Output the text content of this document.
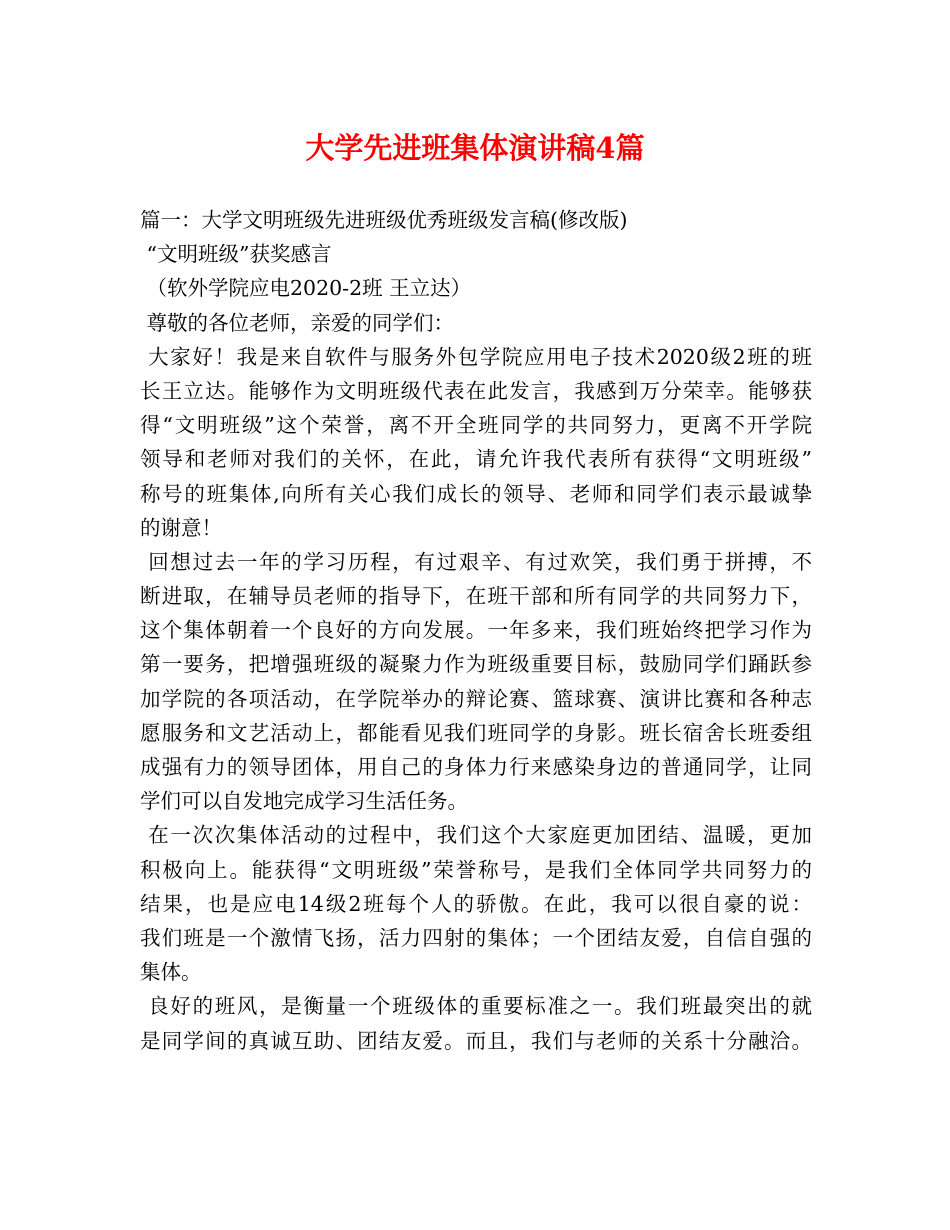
大学先进班集体演讲稿4篇
篇一：大学文明班级先进班级优秀班级发言稿(修改版)
“文明班级”获奖感言
（软外学院应电2020-2班 王立达）
尊敬的各位老师，亲爱的同学们：
大家好！我是来自软件与服务外包学院应用电子技术2020级2班的班
长王立达。能够作为文明班级代表在此发言，我感到万分荣幸。能够获
得“文明班级”这个荣誉，离不开全班同学的共同努力，更离不开学院
领导和老师对我们的关怀，在此，请允许我代表所有获得“文明班级”
称号的班集体,向所有关心我们成长的领导、老师和同学们表示最诚挚
的谢意！
回想过去一年的学习历程，有过艰辛、有过欢笑，我们勇于拼搏，不
断进取，在辅导员老师的指导下，在班干部和所有同学的共同努力下，
这个集体朝着一个良好的方向发展。一年多来，我们班始终把学习作为
第一要务，把增强班级的凝聚力作为班级重要目标，鼓励同学们踊跃参
加学院的各项活动，在学院举办的辩论赛、篮球赛、演讲比赛和各种志
愿服务和文艺活动上，都能看见我们班同学的身影。班长宿舍长班委组
成强有力的领导团体，用自己的身体力行来感染身边的普通同学，让同
学们可以自发地完成学习生活任务。
在一次次集体活动的过程中，我们这个大家庭更加团结、温暖，更加
积极向上。能获得“文明班级”荣誉称号，是我们全体同学共同努力的
结果，也是应电14级2班每个人的骄傲。在此，我可以很自豪的说：
我们班是一个激情飞扬，活力四射的集体；一个团结友爱，自信自强的
集体。
良好的班风，是衡量一个班级体的重要标准之一。我们班最突出的就
是同学间的真诚互助、团结友爱。而且，我们与老师的关系十分融洽。
